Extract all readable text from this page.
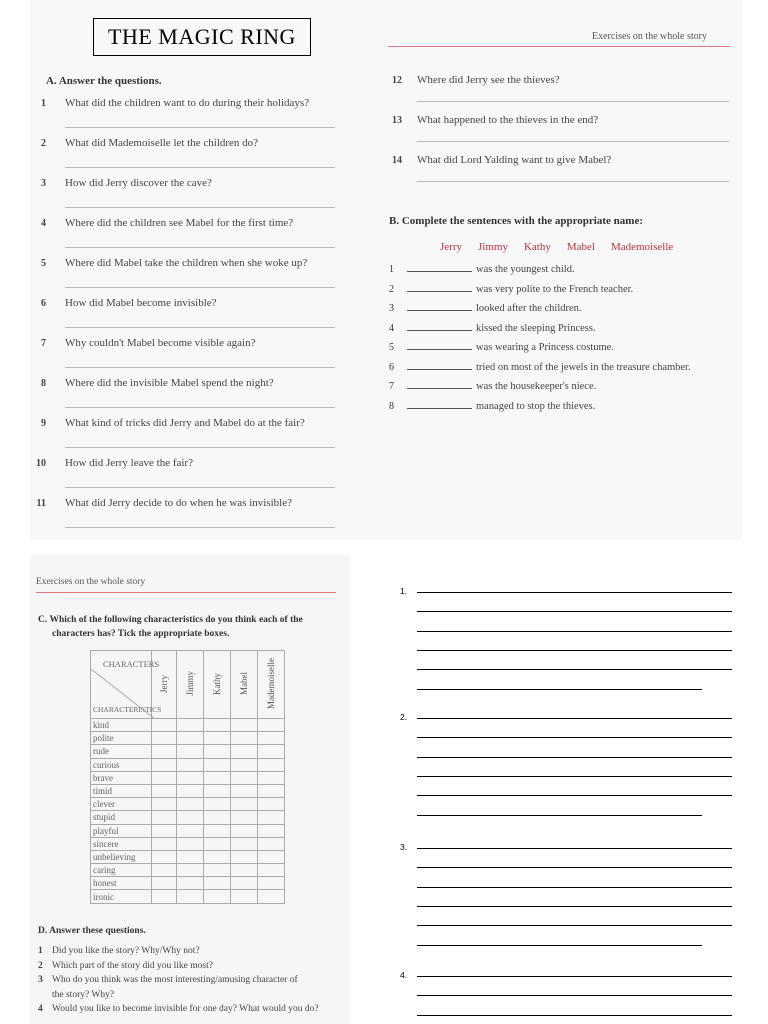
THE MAGIC RING	Exercises on the whole story
A. Answer the questions.
1 What did the children want to do during their holidays?
2 What did Mademoiselle let the children do?
3 How did Jerry discover the cave?
4 Where did the children see Mabel for the first time?
5 Where did Mabel take the children when she woke up?
6 How did Mabel become invisible?
7 Why couldn't Mabel become visible again?
8 Where did the invisible Mabel spend the night?
9 What kind of tricks did Jerry and Mabel do at the fair?
10 How did Jerry leave the fair?
11 What did Jerry decide to do when he was invisible?
12 Where did Jerry see the thieves?
13 What happened to the thieves in the end?
14 What did Lord Yalding want to give Mabel?
B. Complete the sentences with the appropriate name:
Jerry Jimmy Kathy Mabel Mademoiselle
1	was the youngest child.
2	was very polite to the French teacher.
3	looked after the children.
4	kissed the sleeping Princess.
5	was wearing a Princess costume.
6	tried on most of the jewels in the treasure chamber.
7	was the housekeeper's niece.
8	managed to stop the thieves.
Exercises on the whole story
C. Which of the following characteristics do you think each of the
characters has? Tick the appropriate boxes.
CHARACTERS
CHARACTERISTICS	Jerry	Jimmy	Kathy	Mabel	Mademoiselle
kind					
polite					
rude					
curious					
brave					
timid					
clever					
stupid					
playful					
sincere					
unbelieving					
caring					
honest					
ironic					
D. Answer these questions.
1 Did you like the story? Why/Why not?
2 Which part of the story did you like most?
3 Who do you think was the most interesting/amusing character of
the story? Why?
4 Would you like to become invisible for one day? What would you do?
1.
2.
3.
4.
